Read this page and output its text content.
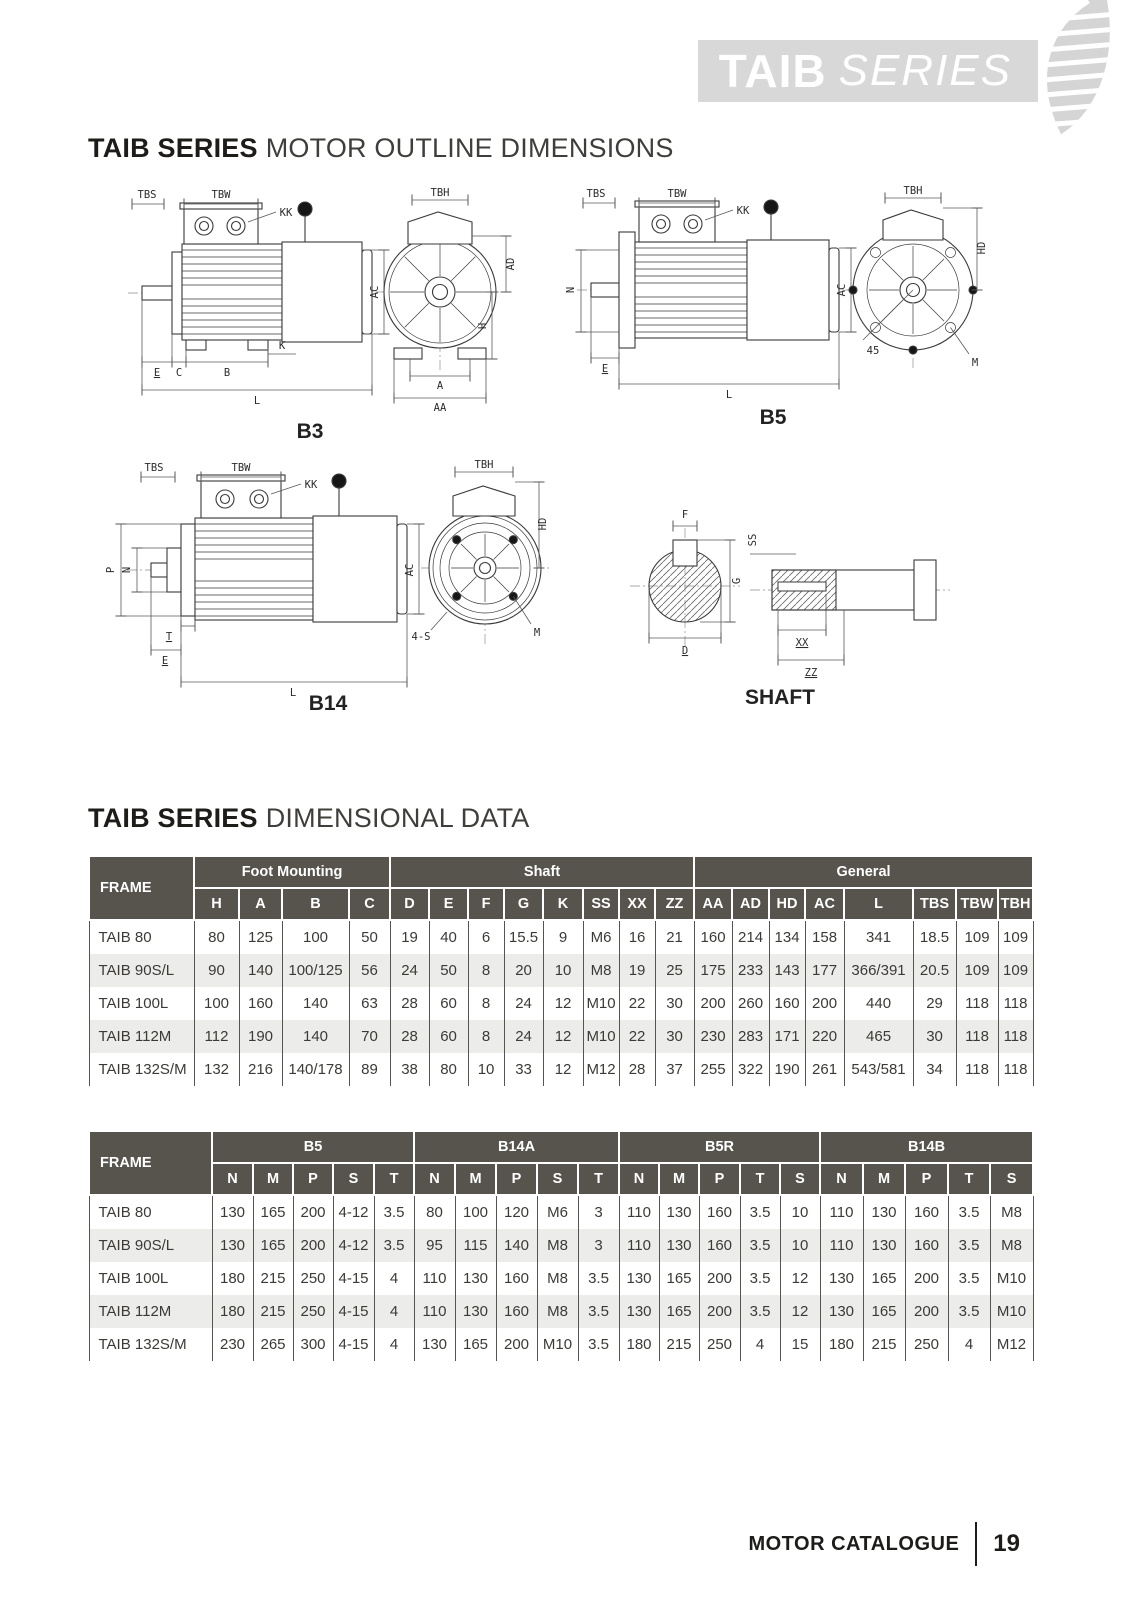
TAIB SERIES
TAIB SERIES MOTOR OUTLINE DIMENSIONS
TBS	TBW
KK
AC
E C	B
K
L
TBH
AD
H
A
AA
B3
TBS	TBW
KK
N
E
L
AC
TBH
HD
45
M
B5
TBS	TBW
KK
P N
T
E
L
AC
TBH
HD
4-S	M
B14
F
G
D
SS
XX
ZZ
SHAFT
TAIB SERIES DIMENSIONAL DATA
FRAME	Foot Mounting				Shaft								General							
	H	A	B	C	D	E	F	G	K	SS	XX	ZZ	AA	AD	HD	AC	L	TBS	TBW	TBH
TAIB 80	80	125	100	50	19	40	6	15.5	9	M6	16	21	160	214	134	158	341	18.5	109	109
TAIB 90S/L	90	140	100/125	56	24	50	8	20	10	M8	19	25	175	233	143	177	366/391	20.5	109	109
TAIB 100L	100	160	140	63	28	60	8	24	12	M10	22	30	200	260	160	200	440	29	118	118
TAIB 112M	112	190	140	70	28	60	8	24	12	M10	22	30	230	283	171	220	465	30	118	118
TAIB 132S/M	132	216	140/178	89	38	80	10	33	12	M12	28	37	255	322	190	261	543/581	34	118	118
FRAME	B5					B14A					B5R					B14B				
	N	M	P	S	T	N	M	P	S	T	N	M	P	T	S	N	M	P	T	S
TAIB 80	130	165	200	4-12	3.5	80	100	120	M6	3	110	130	160	3.5	10	110	130	160	3.5	M8
TAIB 90S/L	130	165	200	4-12	3.5	95	115	140	M8	3	110	130	160	3.5	10	110	130	160	3.5	M8
TAIB 100L	180	215	250	4-15	4	110	130	160	M8	3.5	130	165	200	3.5	12	130	165	200	3.5	M10
TAIB 112M	180	215	250	4-15	4	110	130	160	M8	3.5	130	165	200	3.5	12	130	165	200	3.5	M10
TAIB 132S/M	230	265	300	4-15	4	130	165	200	M10	3.5	180	215	250	4	15	180	215	250	4	M12
MOTOR CATALOGUE 19
